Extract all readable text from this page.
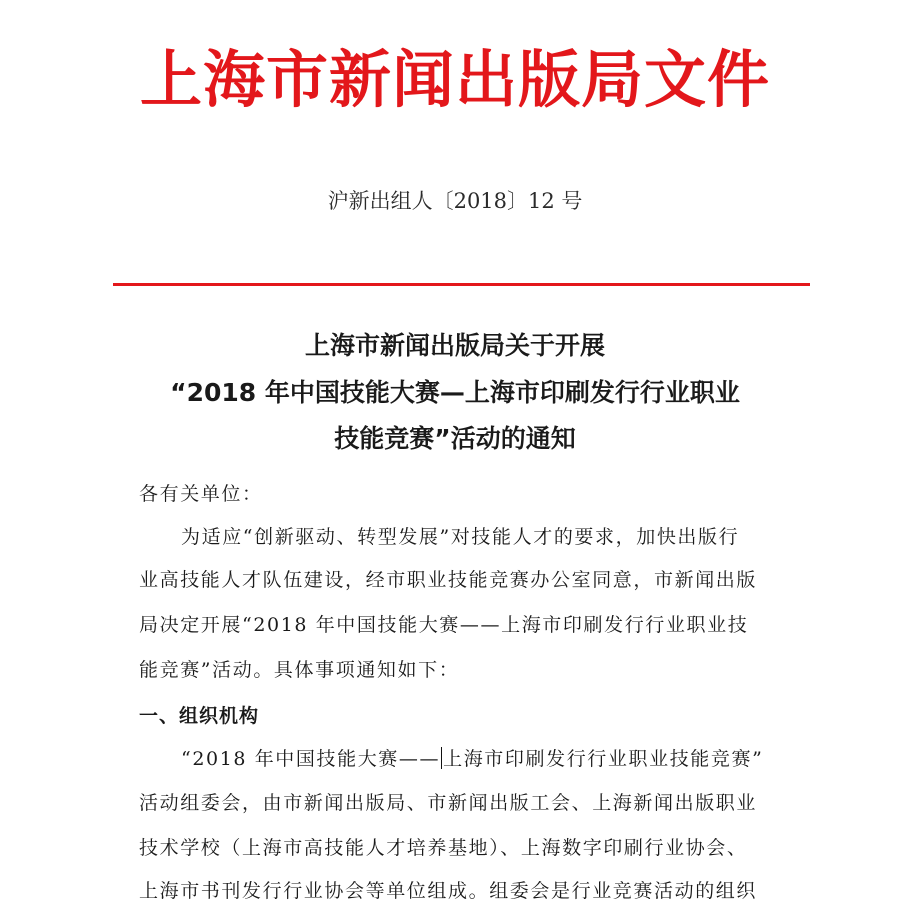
上海市新闻出版局文件
沪新出组人〔2018〕12 号
上海市新闻出版局关于开展
“2018 年中国技能大赛—上海市印刷发行行业职业
技能竞赛”活动的通知
各有关单位：
为适应“创新驱动、转型发展”对技能人才的要求，加快出版行
业高技能人才队伍建设，经市职业技能竞赛办公室同意，市新闻出版
局决定开展“2018 年中国技能大赛——上海市印刷发行行业职业技
能竞赛”活动。具体事项通知如下：
一、组织机构
“2018 年中国技能大赛—— 上海市印刷发行行业职业技能竞赛”
活动组委会，由市新闻出版局、市新闻出版工会、上海新闻出版职业
技术学校（上海市高技能人才培养基地）、上海数字印刷行业协会、
上海市书刊发行行业协会等单位组成。组委会是行业竞赛活动的组织
